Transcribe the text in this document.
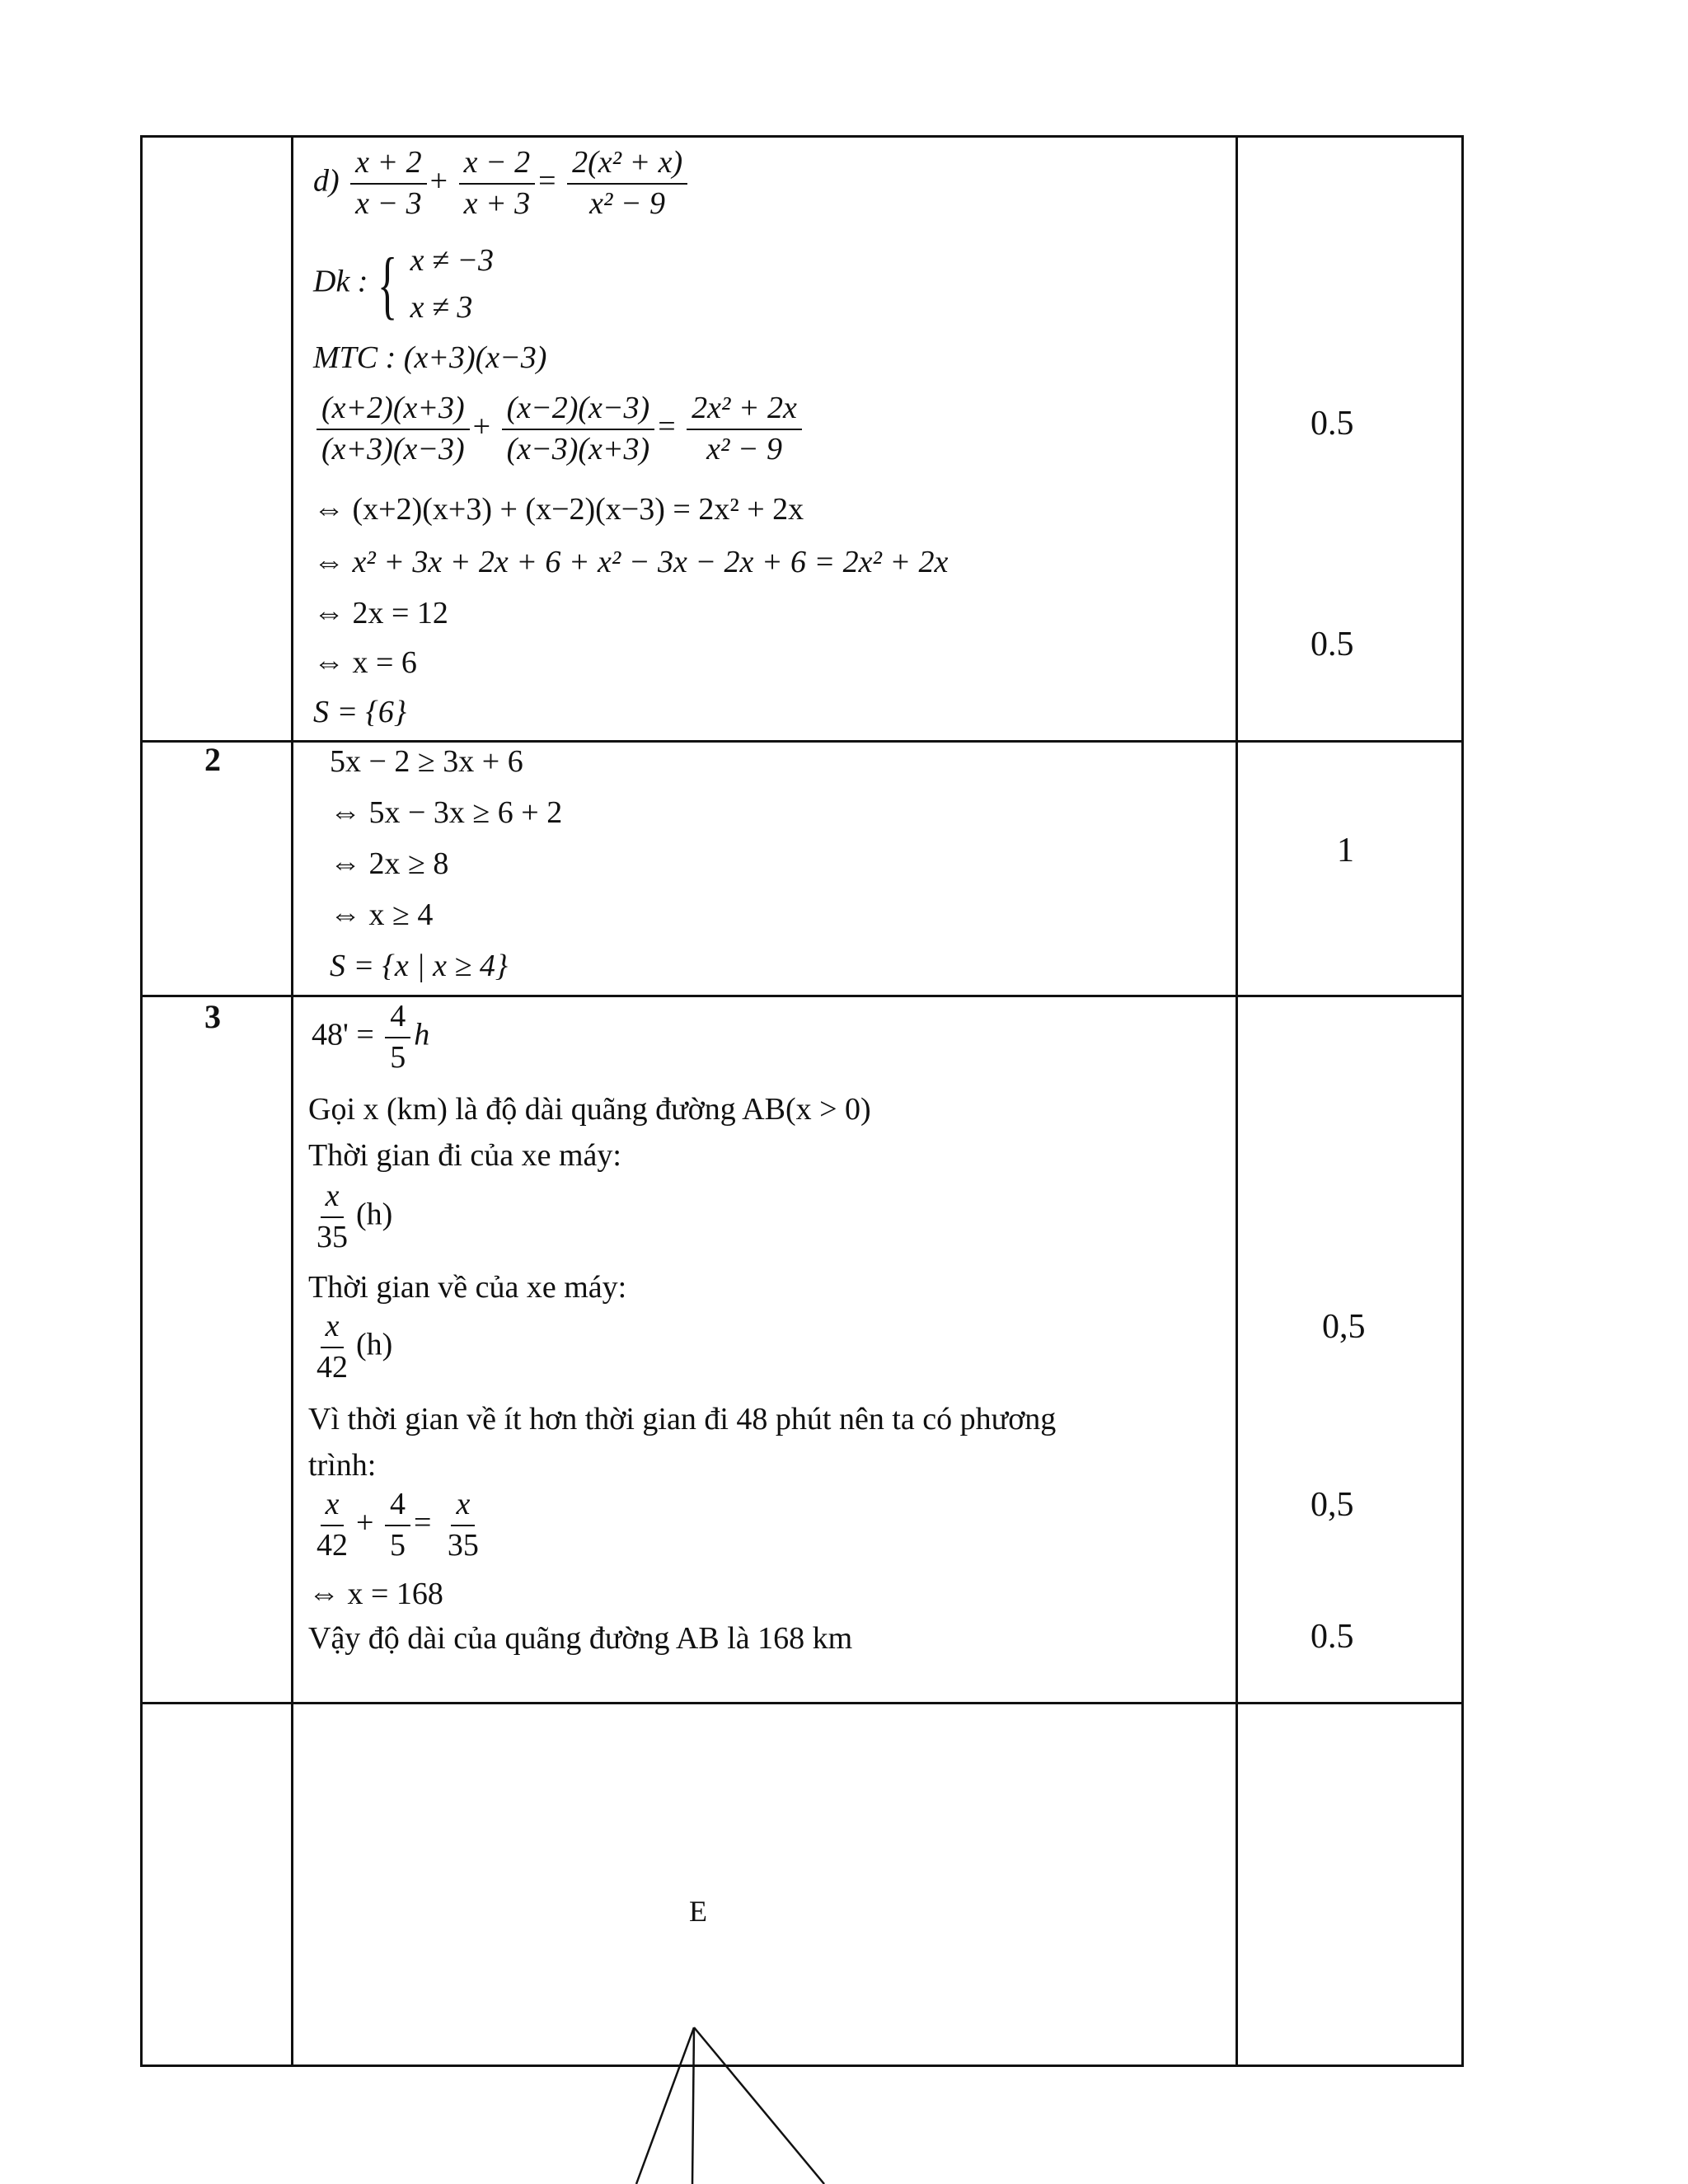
$d) \frac{x + 2}{x - 3} + \frac{x - 2}{x + 3} = \frac{\text{2(x² + x)}}{\text{x² − 9}}$
Dk : { x ≠ −3
x ≠ 3
MTC : (x+3)(x−3)
$\frac{(x+2)(x+3)}{(x+3)(x-3)} + \frac{(x-2)(x-3)}{(x-3)(x+3)} = \frac{\text{2x² + 2x}}{\text{x² − 9}}$
⇔ (x+2)(x+3) + (x−2)(x−3) = 2x² + 2x
⇔ x² + 3x + 2x + 6 + x² − 3x − 2x + 6 = 2x² + 2x
⇔ 2x = 12
⇔ x = 6
S = {6}
0.5
0.5
2	5x − 2 ≥ 3x + 6
⇔ 5x − 3x ≥ 6 + 2
⇔ 2x ≥ 8
⇔ x ≥ 4
S = {x | x ≥ 4}
1
3	$48' = \frac{4}{5}$ h
Gọi x (km) là độ dài quãng đường AB(x > 0)
Thời gian đi của xe máy:
$\frac{x}{35} (h)$
Thời gian về của xe máy:
$\frac{x}{42} (h)$
Vì thời gian về ít hơn thời gian đi 48 phút nên ta có phương
trình:
$\frac{x}{42} + \frac{4}{5} = \frac{x}{35}$
⇔ x = 168
Vậy độ dài của quãng đường AB là 168 km
0,5
0,5
0.5
E
